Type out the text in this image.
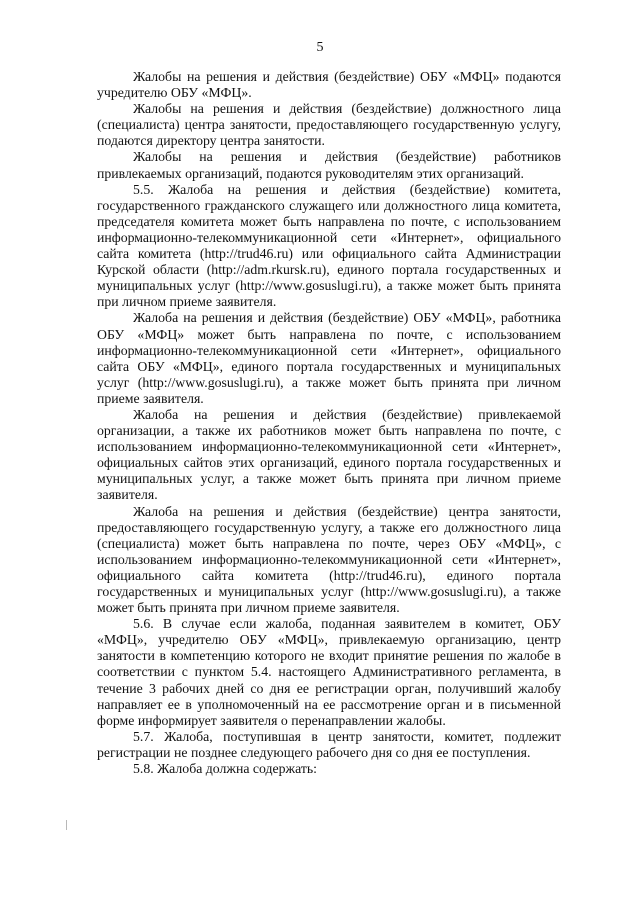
5

Жалобы на решения и действия (бездействие) ОБУ «МФЦ» подаются учредителю ОБУ «МФЦ».

Жалобы на решения и действия (бездействие) должностного лица (специалиста) центра занятости, предоставляющего государственную услугу, подаются директору центра занятости.

Жалобы на решения и действия (бездействие) работников привлекаемых организаций, подаются руководителям этих организаций.

5.5. Жалоба на решения и действия (бездействие) комитета, государственного гражданского служащего или должностного лица комитета, председателя комитета может быть направлена по почте, с использованием информационно-телекоммуникационной сети «Интернет», официального сайта комитета (http://trud46.ru) или официального сайта Администрации Курской области (http://adm.rkursk.ru), единого портала государственных и муниципальных услуг (http://www.gosuslugi.ru), а также может быть принята при личном приеме заявителя.

Жалоба на решения и действия (бездействие) ОБУ «МФЦ», работника ОБУ «МФЦ» может быть направлена по почте, с использованием информационно-телекоммуникационной сети «Интернет», официального сайта ОБУ «МФЦ», единого портала государственных и муниципальных услуг (http://www.gosuslugi.ru), а также может быть принята при личном приеме заявителя.

Жалоба на решения и действия (бездействие) привлекаемой организации, а также их работников может быть направлена по почте, с использованием информационно-телекоммуникационной сети «Интернет», официальных сайтов этих организаций, единого портала государственных и муниципальных услуг, а также может быть принята при личном приеме заявителя.

Жалоба на решения и действия (бездействие) центра занятости, предоставляющего государственную услугу, а также его должностного лица (специалиста) может быть направлена по почте, через ОБУ «МФЦ», с использованием информационно-телекоммуникационной сети «Интернет», официального сайта комитета (http://trud46.ru), единого портала государственных и муниципальных услуг (http://www.gosuslugi.ru), а также может быть принята при личном приеме заявителя.

5.6. В случае если жалоба, поданная заявителем в комитет, ОБУ «МФЦ», учредителю ОБУ «МФЦ», привлекаемую организацию, центр занятости в компетенцию которого не входит принятие решения по жалобе в соответствии с пунктом 5.4. настоящего Административного регламента, в течение 3 рабочих дней со дня ее регистрации орган, получивший жалобу направляет ее в уполномоченный на ее рассмотрение орган и в письменной форме информирует заявителя о перенаправлении жалобы.

5.7. Жалоба, поступившая в центр занятости, комитет, подлежит регистрации не позднее следующего рабочего дня со дня ее поступления.

5.8. Жалоба должна содержать:
